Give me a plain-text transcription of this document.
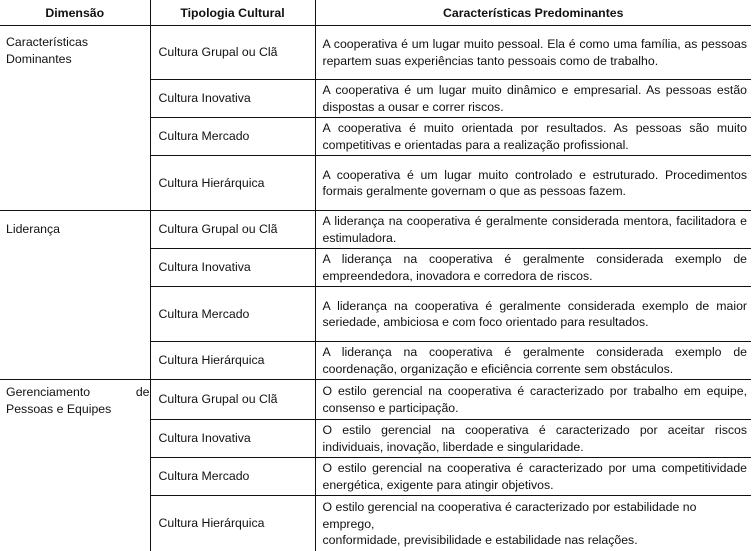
Dimensão	Tipologia Cultural	Características Predominantes
Características Dominantes	Cultura Grupal ou Clã	A cooperativa é um lugar muito pessoal. Ela é como uma família, as pessoas repartem suas experiências tanto pessoais como de trabalho.
	Cultura Inovativa	A cooperativa é um lugar muito dinâmico e empresarial. As pessoas estão dispostas a ousar e correr riscos.
	Cultura Mercado	A cooperativa é muito orientada por resultados. As pessoas são muito competitivas e orientadas para a realização profissional.
	Cultura Hierárquica	A cooperativa é um lugar muito controlado e estruturado. Procedimentos formais geralmente governam o que as pessoas fazem.
Liderança	Cultura Grupal ou Clã	A liderança na cooperativa é geralmente considerada mentora, facilitadora e estimuladora.
	Cultura Inovativa	A liderança na cooperativa é geralmente considerada exemplo de empreendedora, inovadora e corredora de riscos.
	Cultura Mercado	A liderança na cooperativa é geralmente considerada exemplo de maior seriedade, ambiciosa e com foco orientado para resultados.
	Cultura Hierárquica	A liderança na cooperativa é geralmente considerada exemplo de coordenação, organização e eficiência corrente sem obstáculos.

Gerenciamento de
Pessoas e Equipes	Cultura Grupal ou Clã	O estilo gerencial na cooperativa é caracterizado por trabalho em equipe, consenso e participação.
	Cultura Inovativa	O estilo gerencial na cooperativa é caracterizado por aceitar riscos individuais, inovação, liberdade e singularidade.
	Cultura Mercado	O estilo gerencial na cooperativa é caracterizado por uma competitividade energética, exigente para atingir objetivos.
	Cultura Hierárquica	O estilo gerencial na cooperativa é caracterizado por estabilidade no
emprego,
conformidade, previsibilidade e estabilidade nas relações.
